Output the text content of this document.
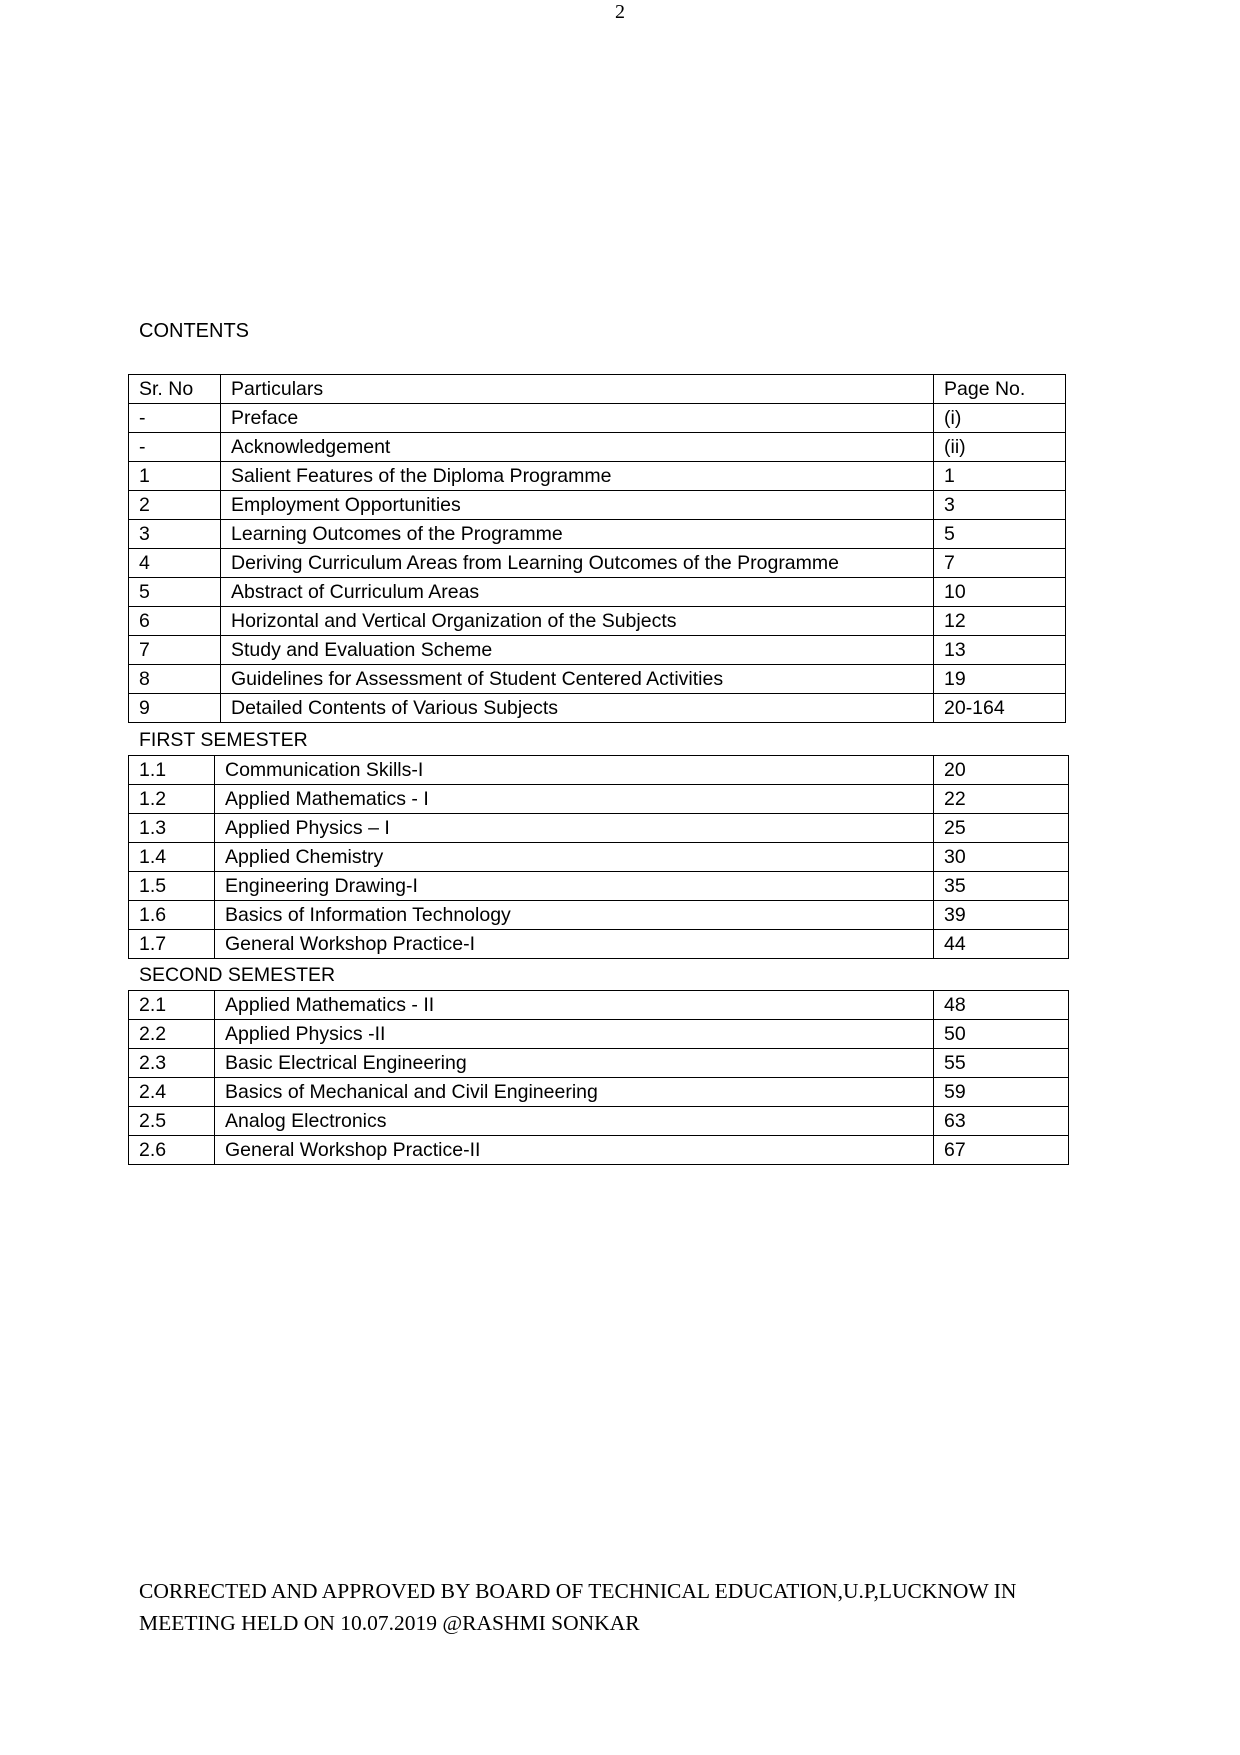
2
CONTENTS
Sr. No	Particulars	Page No.
-	Preface	(i)
-	Acknowledgement	(ii)
1	Salient Features of the Diploma Programme	1
2	Employment Opportunities	3
3	Learning Outcomes of the Programme	5
4	Deriving Curriculum Areas from Learning Outcomes of the Programme	7
5	Abstract of Curriculum Areas	10
6	Horizontal and Vertical Organization of the Subjects	12
7	Study and Evaluation Scheme	13
8	Guidelines for Assessment of Student Centered Activities	19
9	Detailed Contents of Various Subjects	20-164
FIRST SEMESTER
1.1	Communication Skills-I	20
1.2	Applied Mathematics - I	22
1.3	Applied Physics – I	25
1.4	Applied Chemistry	30
1.5	Engineering Drawing-I	35
1.6	Basics of Information Technology	39
1.7	General Workshop Practice-I	44
SECOND SEMESTER
2.1	Applied Mathematics - II	48
2.2	Applied Physics -II	50
2.3	Basic Electrical Engineering	55
2.4	Basics of Mechanical and Civil Engineering	59
2.5	Analog Electronics	63
2.6	General Workshop Practice-II	67
CORRECTED AND APPROVED BY BOARD OF TECHNICAL EDUCATION,U.P,LUCKNOW IN
MEETING HELD ON 10.07.2019 @RASHMI SONKAR
